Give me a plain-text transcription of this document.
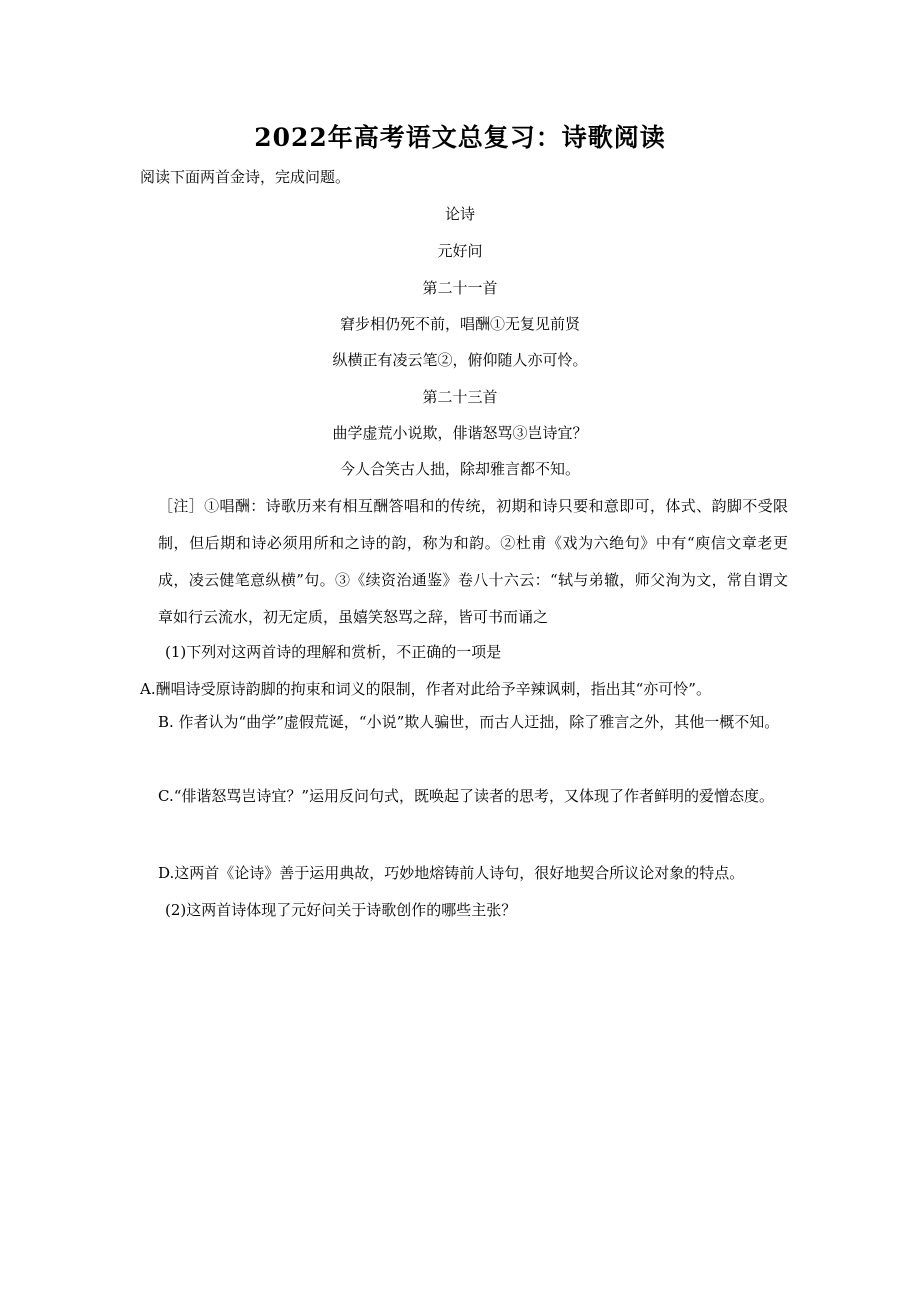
2022年高考语文总复习：诗歌阅读
阅读下面两首金诗，完成问题。
论诗
元好问
第二十一首
窘步相仍死不前，唱酬①无复见前贤
纵横正有凌云笔②，俯仰随人亦可怜。
第二十三首
曲学虚荒小说欺，俳谐怒骂③岂诗宜？
今人合笑古人拙，除却雅言都不知。
［注］①唱酬：诗歌历来有相互酬答唱和的传统，初期和诗只要和意即可，体式、韵脚不受限制，但后期和诗必须用所和之诗的韵，称为和韵。②杜甫《戏为六绝句》中有“庾信文章老更成，凌云健笔意纵横”句。③《续资治通鉴》卷八十六云：“轼与弟辙，师父洵为文，常自谓文章如行云流水，初无定质，虽嬉笑怒骂之辞，皆可书而诵之
(1)下列对这两首诗的理解和赏析，不正确的一项是
A.酬唱诗受原诗韵脚的拘束和词义的限制，作者对此给予辛辣讽刺，指出其“亦可怜”。
B. 作者认为“曲学”虚假荒诞，“小说”欺人骗世，而古人迂拙，除了雅言之外，其他一概不知。
C.“俳谐怒骂岂诗宜？”运用反问句式，既唤起了读者的思考，又体现了作者鲜明的爱憎态度。
D.这两首《论诗》善于运用典故，巧妙地熔铸前人诗句，很好地契合所议论对象的特点。
(2)这两首诗体现了元好问关于诗歌创作的哪些主张？
